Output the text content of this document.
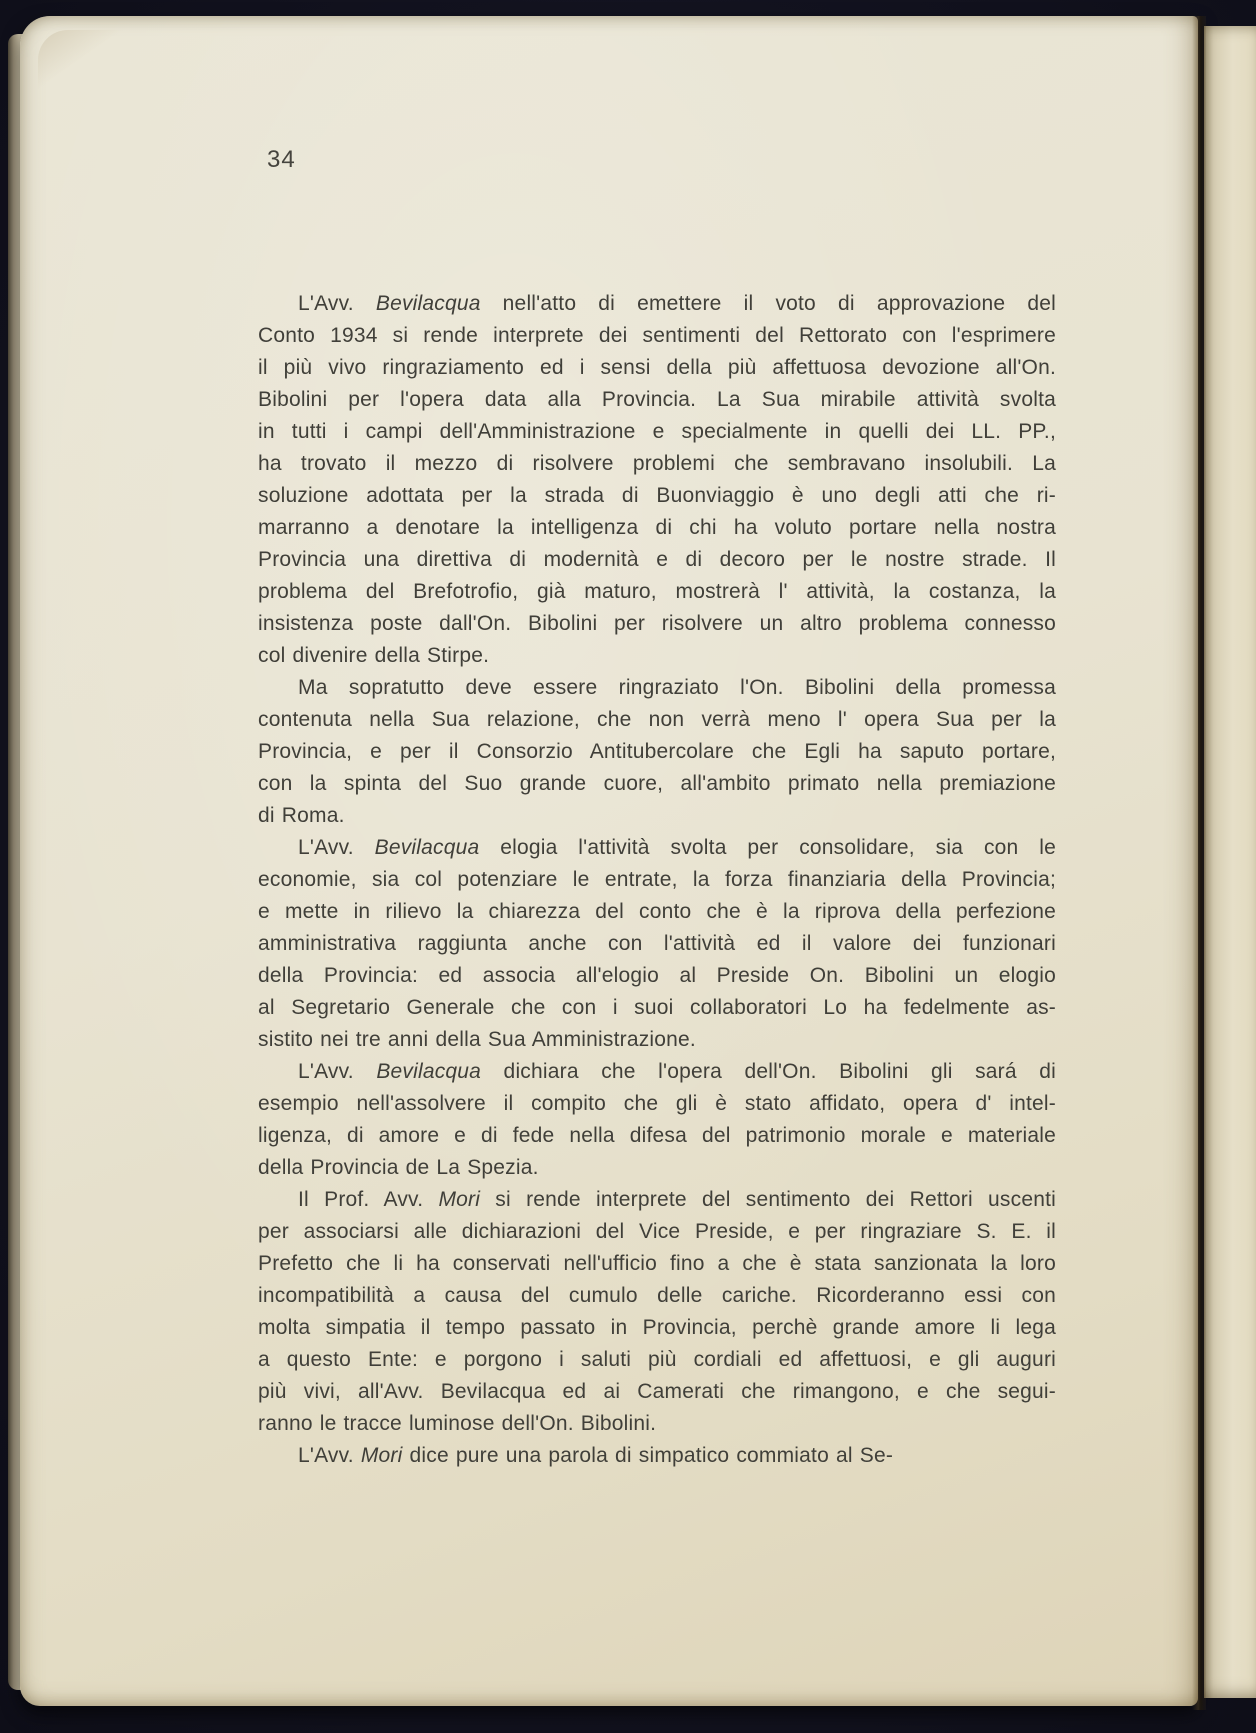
34
L'Avv. Bevilacqua nell'atto di emettere il voto di approvazione del
Conto 1934 si rende interprete dei sentimenti del Rettorato con l'esprimere
il più vivo ringraziamento ed i sensi della più affettuosa devozione all'On.
Bibolini per l'opera data alla Provincia. La Sua mirabile attività svolta
in tutti i campi dell'Amministrazione e specialmente in quelli dei LL. PP.,
ha trovato il mezzo di risolvere problemi che sembravano insolubili. La
soluzione adottata per la strada di Buonviaggio è uno degli atti che ri-
marranno a denotare la intelligenza di chi ha voluto portare nella nostra
Provincia una direttiva di modernità e di decoro per le nostre strade. Il
problema del Brefotrofio, già maturo, mostrerà l' attività, la costanza, la
insistenza poste dall'On. Bibolini per risolvere un altro problema connesso
col divenire della Stirpe.
Ma sopratutto deve essere ringraziato l'On. Bibolini della promessa
contenuta nella Sua relazione, che non verrà meno l' opera Sua per la
Provincia, e per il Consorzio Antitubercolare che Egli ha saputo portare,
con la spinta del Suo grande cuore, all'ambito primato nella premiazione
di Roma.
L'Avv. Bevilacqua elogia l'attività svolta per consolidare, sia con le
economie, sia col potenziare le entrate, la forza finanziaria della Provincia;
e mette in rilievo la chiarezza del conto che è la riprova della perfezione
amministrativa raggiunta anche con l'attività ed il valore dei funzionari
della Provincia: ed associa all'elogio al Preside On. Bibolini un elogio
al Segretario Generale che con i suoi collaboratori Lo ha fedelmente as-
sistito nei tre anni della Sua Amministrazione.
L'Avv. Bevilacqua dichiara che l'opera dell'On. Bibolini gli sará di
esempio nell'assolvere il compito che gli è stato affidato, opera d' intel-
ligenza, di amore e di fede nella difesa del patrimonio morale e materiale
della Provincia de La Spezia.
Il Prof. Avv. Mori si rende interprete del sentimento dei Rettori uscenti
per associarsi alle dichiarazioni del Vice Preside, e per ringraziare S. E. il
Prefetto che li ha conservati nell'ufficio fino a che è stata sanzionata la loro
incompatibilità a causa del cumulo delle cariche. Ricorderanno essi con
molta simpatia il tempo passato in Provincia, perchè grande amore li lega
a questo Ente: e porgono i saluti più cordiali ed affettuosi, e gli auguri
più vivi, all'Avv. Bevilacqua ed ai Camerati che rimangono, e che segui-
ranno le tracce luminose dell'On. Bibolini.
L'Avv. Mori dice pure una parola di simpatico commiato al Se-
